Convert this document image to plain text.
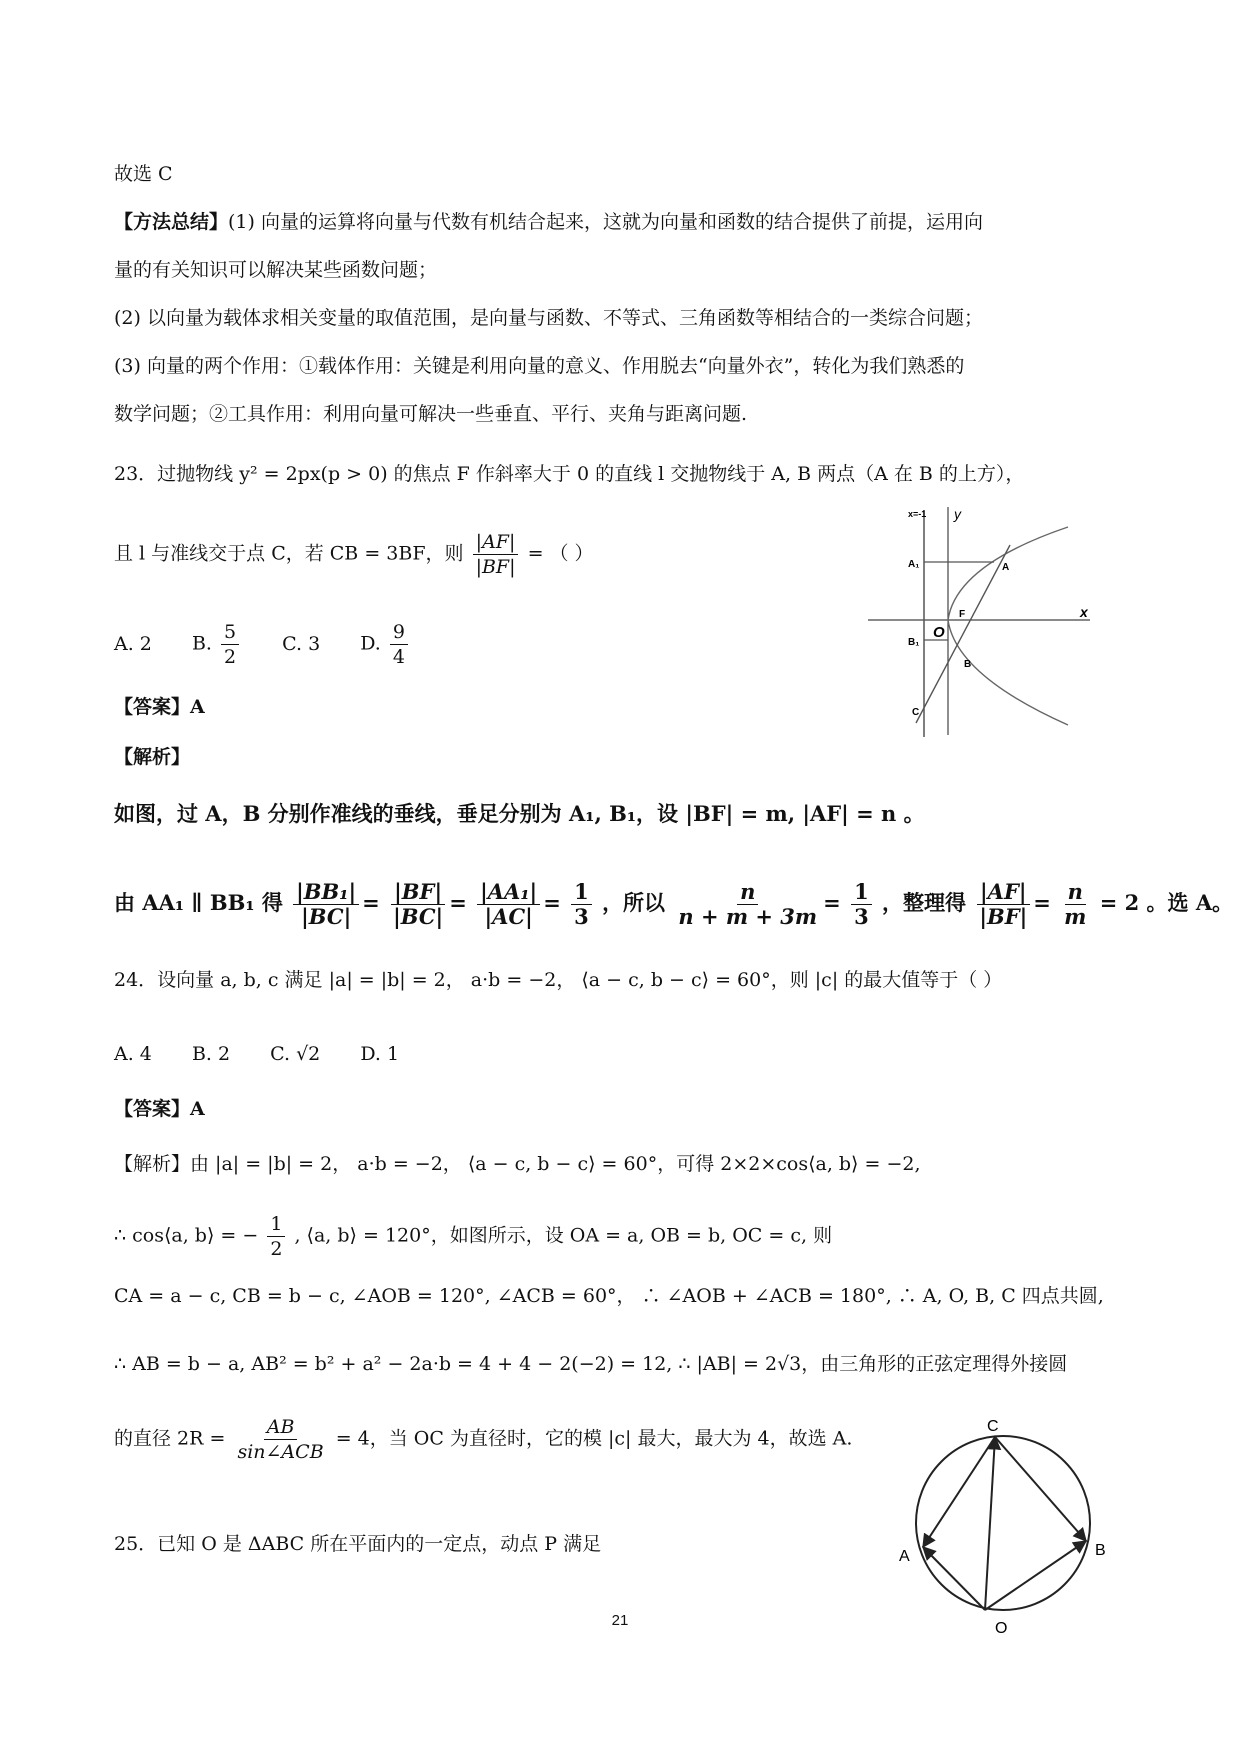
故选 C
【方法总结】(1) 向量的运算将向量与代数有机结合起来，这就为向量和函数的结合提供了前提，运用向
量的有关知识可以解决某些函数问题；
(2) 以向量为载体求相关变量的取值范围，是向量与函数、不等式、三角函数等相结合的一类综合问题；
(3) 向量的两个作用：①载体作用：关键是利用向量的意义、作用脱去“向量外衣”，转化为我们熟悉的
数学问题；②工具作用：利用向量可解决一些垂直、平行、夹角与距离问题.
23．过抛物线 y² = 2px(p > 0) 的焦点 F 作斜率大于 0 的直线 l 交抛物线于 A, B 两点（A 在 B 的上方），
且 l 与准线交于点 C，若 CB = 3BF，则 $\frac{|AF|}{|BF|}$ = （ ）
A. 2 B. $\frac{5}{2} C$. 3 D. $\frac{9}{4}$
【答案】A
【解析】
如图，过 A，B 分别作准线的垂线，垂足分别为 A₁, B₁，设 |BF| = m, |AF| = n 。
由 AA₁ ∥ BB₁ 得 $\frac{\text{|BB₁|}}{|BC|} = \frac{|BF|}{|BC|} = \frac{\text{|AA₁|}}{|AC|} = \frac{1}{3}$ ，所以 $\frac{n}{n + m + 3m} = \frac{1}{3}$ ，整理得 $\frac{|AF|}{|BF|} = \frac{n}{m} = 2$ 。选 A。
x=-1 y
x
A₁	A
F
O
B₁
B
C
24．设向量 a, b, c 满足 |a| = |b| = 2， a·b = −2， ⟨a − c, b − c⟩ = 60°，则 |c| 的最大值等于（ ）
A. 4 B. 2 C. √2 D. 1
【答案】A
【解析】由 |a| = |b| = 2， a·b = −2， ⟨a − c, b − c⟩ = 60°，可得 2×2×cos⟨a, b⟩ = −2,
∴ cos⟨a, b⟩ = − $\frac{1}{2}$ , ⟨a, b⟩ = 120°，如图所示，设 OA = a, OB = b, OC = c, 则
CA = a − c, CB = b − c, ∠AOB = 120°, ∠ACB = 60°， ∴ ∠AOB + ∠ACB = 180°, ∴ A, O, B, C 四点共圆,
∴ AB = b − a, AB² = b² + a² − 2a·b = 4 + 4 − 2(−2) = 12, ∴ |AB| = 2√3，由三角形的正弦定理得外接圆
的直径 $2R = \frac{AB}{\text{sin∠ACB}} = 4$，当 OC 为直径时，它的模 |c| 最大，最大为 4，故选 A.
C
A	B
O
25．已知 O 是 ΔABC 所在平面内的一定点，动点 P 满足
21
